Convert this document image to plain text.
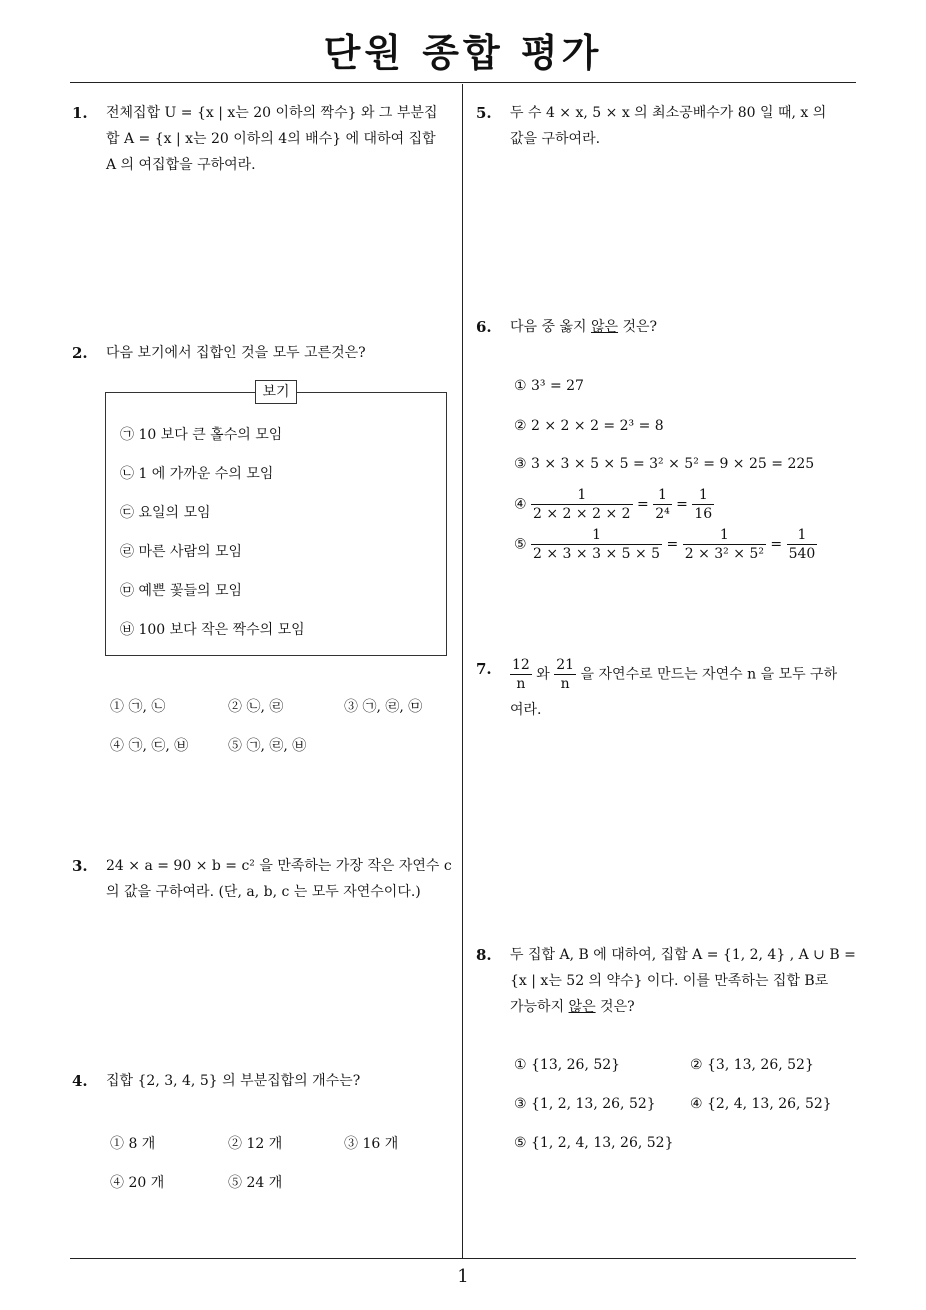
단원 종합 평가
1
1. 전체집합 U = {x | x는 20 이하의 짝수} 와 그 부분집
합 A = {x | x는 20 이하의 4의 배수} 에 대하여 집합
A 의 여집합을 구하여라.
2. 다음 보기에서 집합인 것을 모두 고른것은?
보기
㉠ 10 보다 큰 홀수의 모임
㉡ 1 에 가까운 수의 모임
㉢ 요일의 모임
㉣ 마른 사람의 모임
㉤ 예쁜 꽃들의 모임
㉥ 100 보다 작은 짝수의 모임
① ㉠, ㉡	② ㉡, ㉣	③ ㉠, ㉣, ㉤
④ ㉠, ㉢, ㉥	⑤ ㉠, ㉣, ㉥
3. 24 × a = 90 × b = c² 을 만족하는 가장 작은 자연수 c
의 값을 구하여라. (단, a, b, c 는 모두 자연수이다.)
4. 집합 {2, 3, 4, 5} 의 부분집합의 개수는?
① 8 개	② 12 개	③ 16 개
④ 20 개	⑤ 24 개
5. 두 수 4 × x, 5 × x 의 최소공배수가 80 일 때, x 의
값을 구하여라.
6. 다음 중 옳지 않은 것은?
① 3³ = 27
② 2 × 2 × 2 = 2³ = 8
③ 3 × 3 × 5 × 5 = 3² × 5² = 9 × 25 = 225
④ $\frac{1}{2 \times 2 \times 2 \times 2} = \frac{1}{\text{2⁴}} = \frac{1}{16}$
⑤ $\frac{1}{2 \times 3 \times 3 \times 5 \times 5} = \frac{1}{\text{2 × 3² × 5²}} = \frac{1}{540}$
7. $\frac{12}{n}$ 와 $\frac{21}{n}$ 을 자연수로 만드는 자연수 n 을 모두 구하
여라.
8. 두 집합 A, B 에 대하여, 집합 A = {1, 2, 4} , A ∪ B =
{x | x는 52 의 약수} 이다. 이를 만족하는 집합 B로
가능하지 않은 것은?
① {13, 26, 52}	② {3, 13, 26, 52}
③ {1, 2, 13, 26, 52} ④ {2, 4, 13, 26, 52}
⑤ {1, 2, 4, 13, 26, 52}
